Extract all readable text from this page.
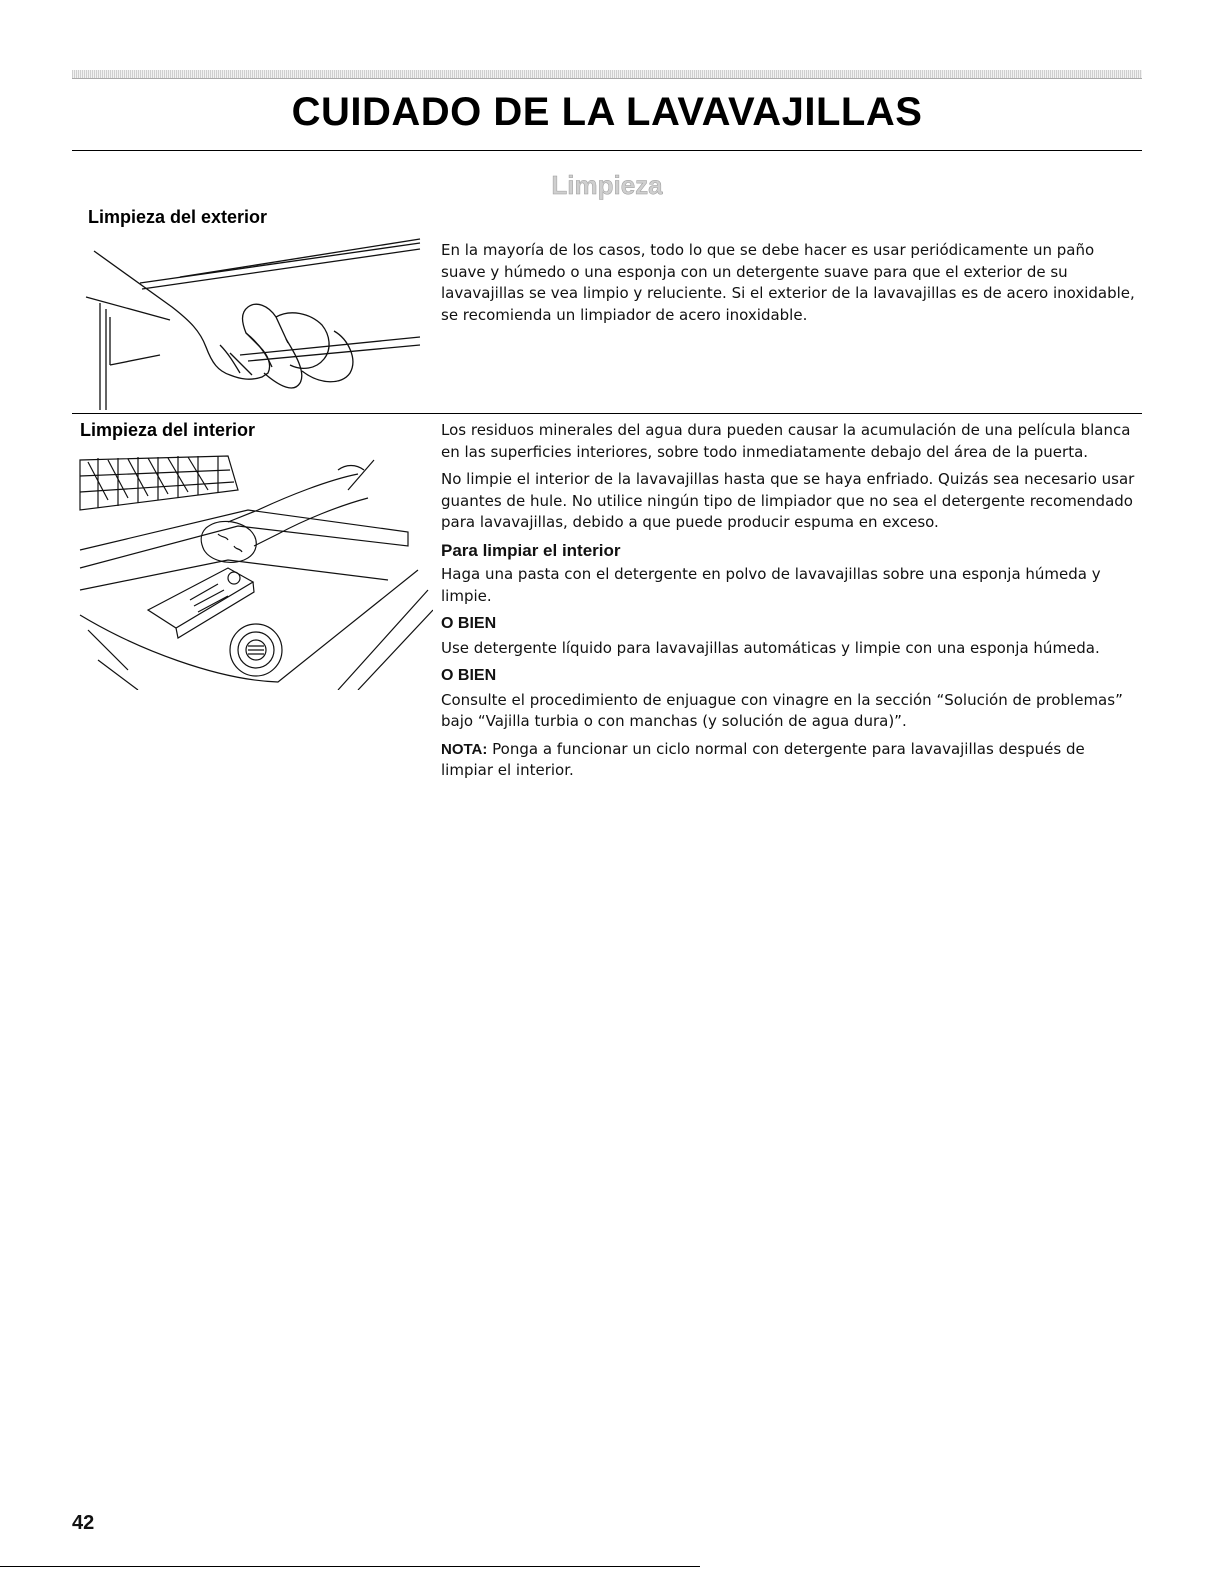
CUIDADO DE LA LAVAVAJILLAS
Limpieza
Limpieza del exterior

En la mayoría de los casos, todo lo que se debe hacer es usar periódicamente un paño suave y húmedo o una esponja con un detergente suave para que el exterior de su lavavajillas se vea limpio y reluciente. Si el exterior de la lavavajillas es de acero inoxidable, se recomienda un limpiador de acero inoxidable.

Limpieza del interior	Los residuos minerales del agua dura pueden causar la acumulación de una película blanca en las superficies interiores, sobre todo inmediatamente debajo del área de la puerta.

No limpie el interior de la lavavajillas hasta que se haya enfriado. Quizás sea necesario usar guantes de hule. No utilice ningún tipo de limpiador que no sea el detergente recomendado para lavavajillas, debido a que puede producir espuma en exceso.

Para limpiar el interior

Haga una pasta con el detergente en polvo de lavavajillas sobre una esponja húmeda y limpie.

O BIEN

Use detergente líquido para lavavajillas automáticas y limpie con una esponja húmeda.

O BIEN

Consulte el procedimiento de enjuague con vinagre en la sección “Solución de problemas” bajo “Vajilla turbia o con manchas (y solución de agua dura)”.

NOTA: Ponga a funcionar un ciclo normal con detergente para lavavajillas después de limpiar el interior.

42
